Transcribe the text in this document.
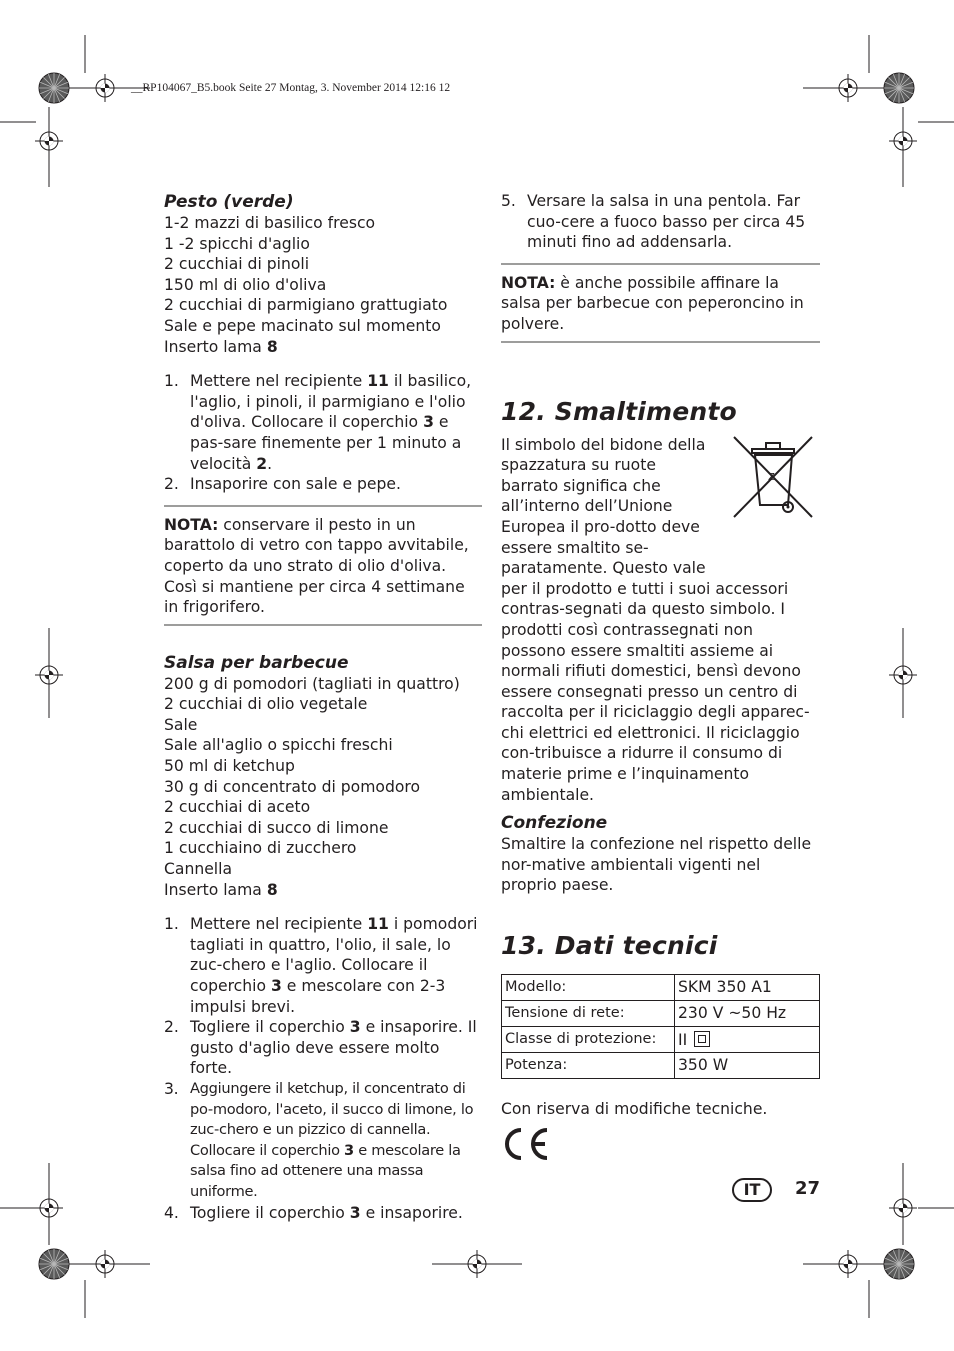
__RP104067_B5.book Seite 27 Montag, 3. November 2014 12:16 12
Pesto (verde)
1-2 mazzi di basilico fresco
1 -2 spicchi d'aglio
2 cucchiai di pinoli
150 ml di olio d'oliva
2 cucchiai di parmigiano grattugiato
Sale e pepe macinato sul momento
Inserto lama 8
1. Mettere nel recipiente 11 il basilico, l'aglio, i pinoli, il parmigiano e l'olio d'oliva. Collocare il coperchio 3 e pas-sare finemente per 1 minuto a velocità 2.
2. Insaporire con sale e pepe.
NOTA: conservare il pesto in un barattolo di vetro con tappo avvitabile, coperto da uno strato di olio d'oliva. Così si mantiene per circa 4 settimane in frigorifero.
Salsa per barbecue
200 g di pomodori (tagliati in quattro)
2 cucchiai di olio vegetale
Sale
Sale all'aglio o spicchi freschi
50 ml di ketchup
30 g di concentrato di pomodoro
2 cucchiai di aceto
2 cucchiai di succo di limone
1 cucchiaino di zucchero
Cannella
Inserto lama 8
1. Mettere nel recipiente 11 i pomodori tagliati in quattro, l'olio, il sale, lo zuc-chero e l'aglio. Collocare il coperchio 3 e mescolare con 2-3 impulsi brevi.
2. Togliere il coperchio 3 e insaporire. Il gusto d'aglio deve essere molto forte.
3. Aggiungere il ketchup, il concentrato di po-modoro, l'aceto, il succo di limone, lo zuc-chero e un pizzico di cannella. Collocare il coperchio 3 e mescolare la salsa fino ad ottenere una massa uniforme.
4. Togliere il coperchio 3 e insaporire.
5. Versare la salsa in una pentola. Far cuo-cere a fuoco basso per circa 45 minuti fino ad addensarla.
NOTA: è anche possibile affinare la salsa per barbecue con peperoncino in polvere.
12. Smaltimento
Z
Il simbolo del bidone della spazzatura su ruote barrato significa che all’interno dell’Unione Europea il pro-dotto deve essere smaltito se-paratamente. Questo vale
per il prodotto e tutti i suoi accessori contras-segnati da questo simbolo. I prodotti così contrassegnati non possono essere smaltiti assieme ai normali rifiuti domestici, bensì devono essere consegnati presso un centro di raccolta per il riciclaggio degli apparec-chi elettrici ed elettronici. Il riciclaggio con-tribuisce a ridurre il consumo di materie prime e l’inquinamento ambientale.
Confezione
Smaltire la confezione nel rispetto delle nor-mative ambientali vigenti nel proprio paese.
13. Dati tecnici
Modello:	SKM 350 A1
Tensione di rete:	230 V ~50 Hz
Classe di protezione:	II

Potenza:	350 W
Con riserva di modifiche tecniche.
IT	27
